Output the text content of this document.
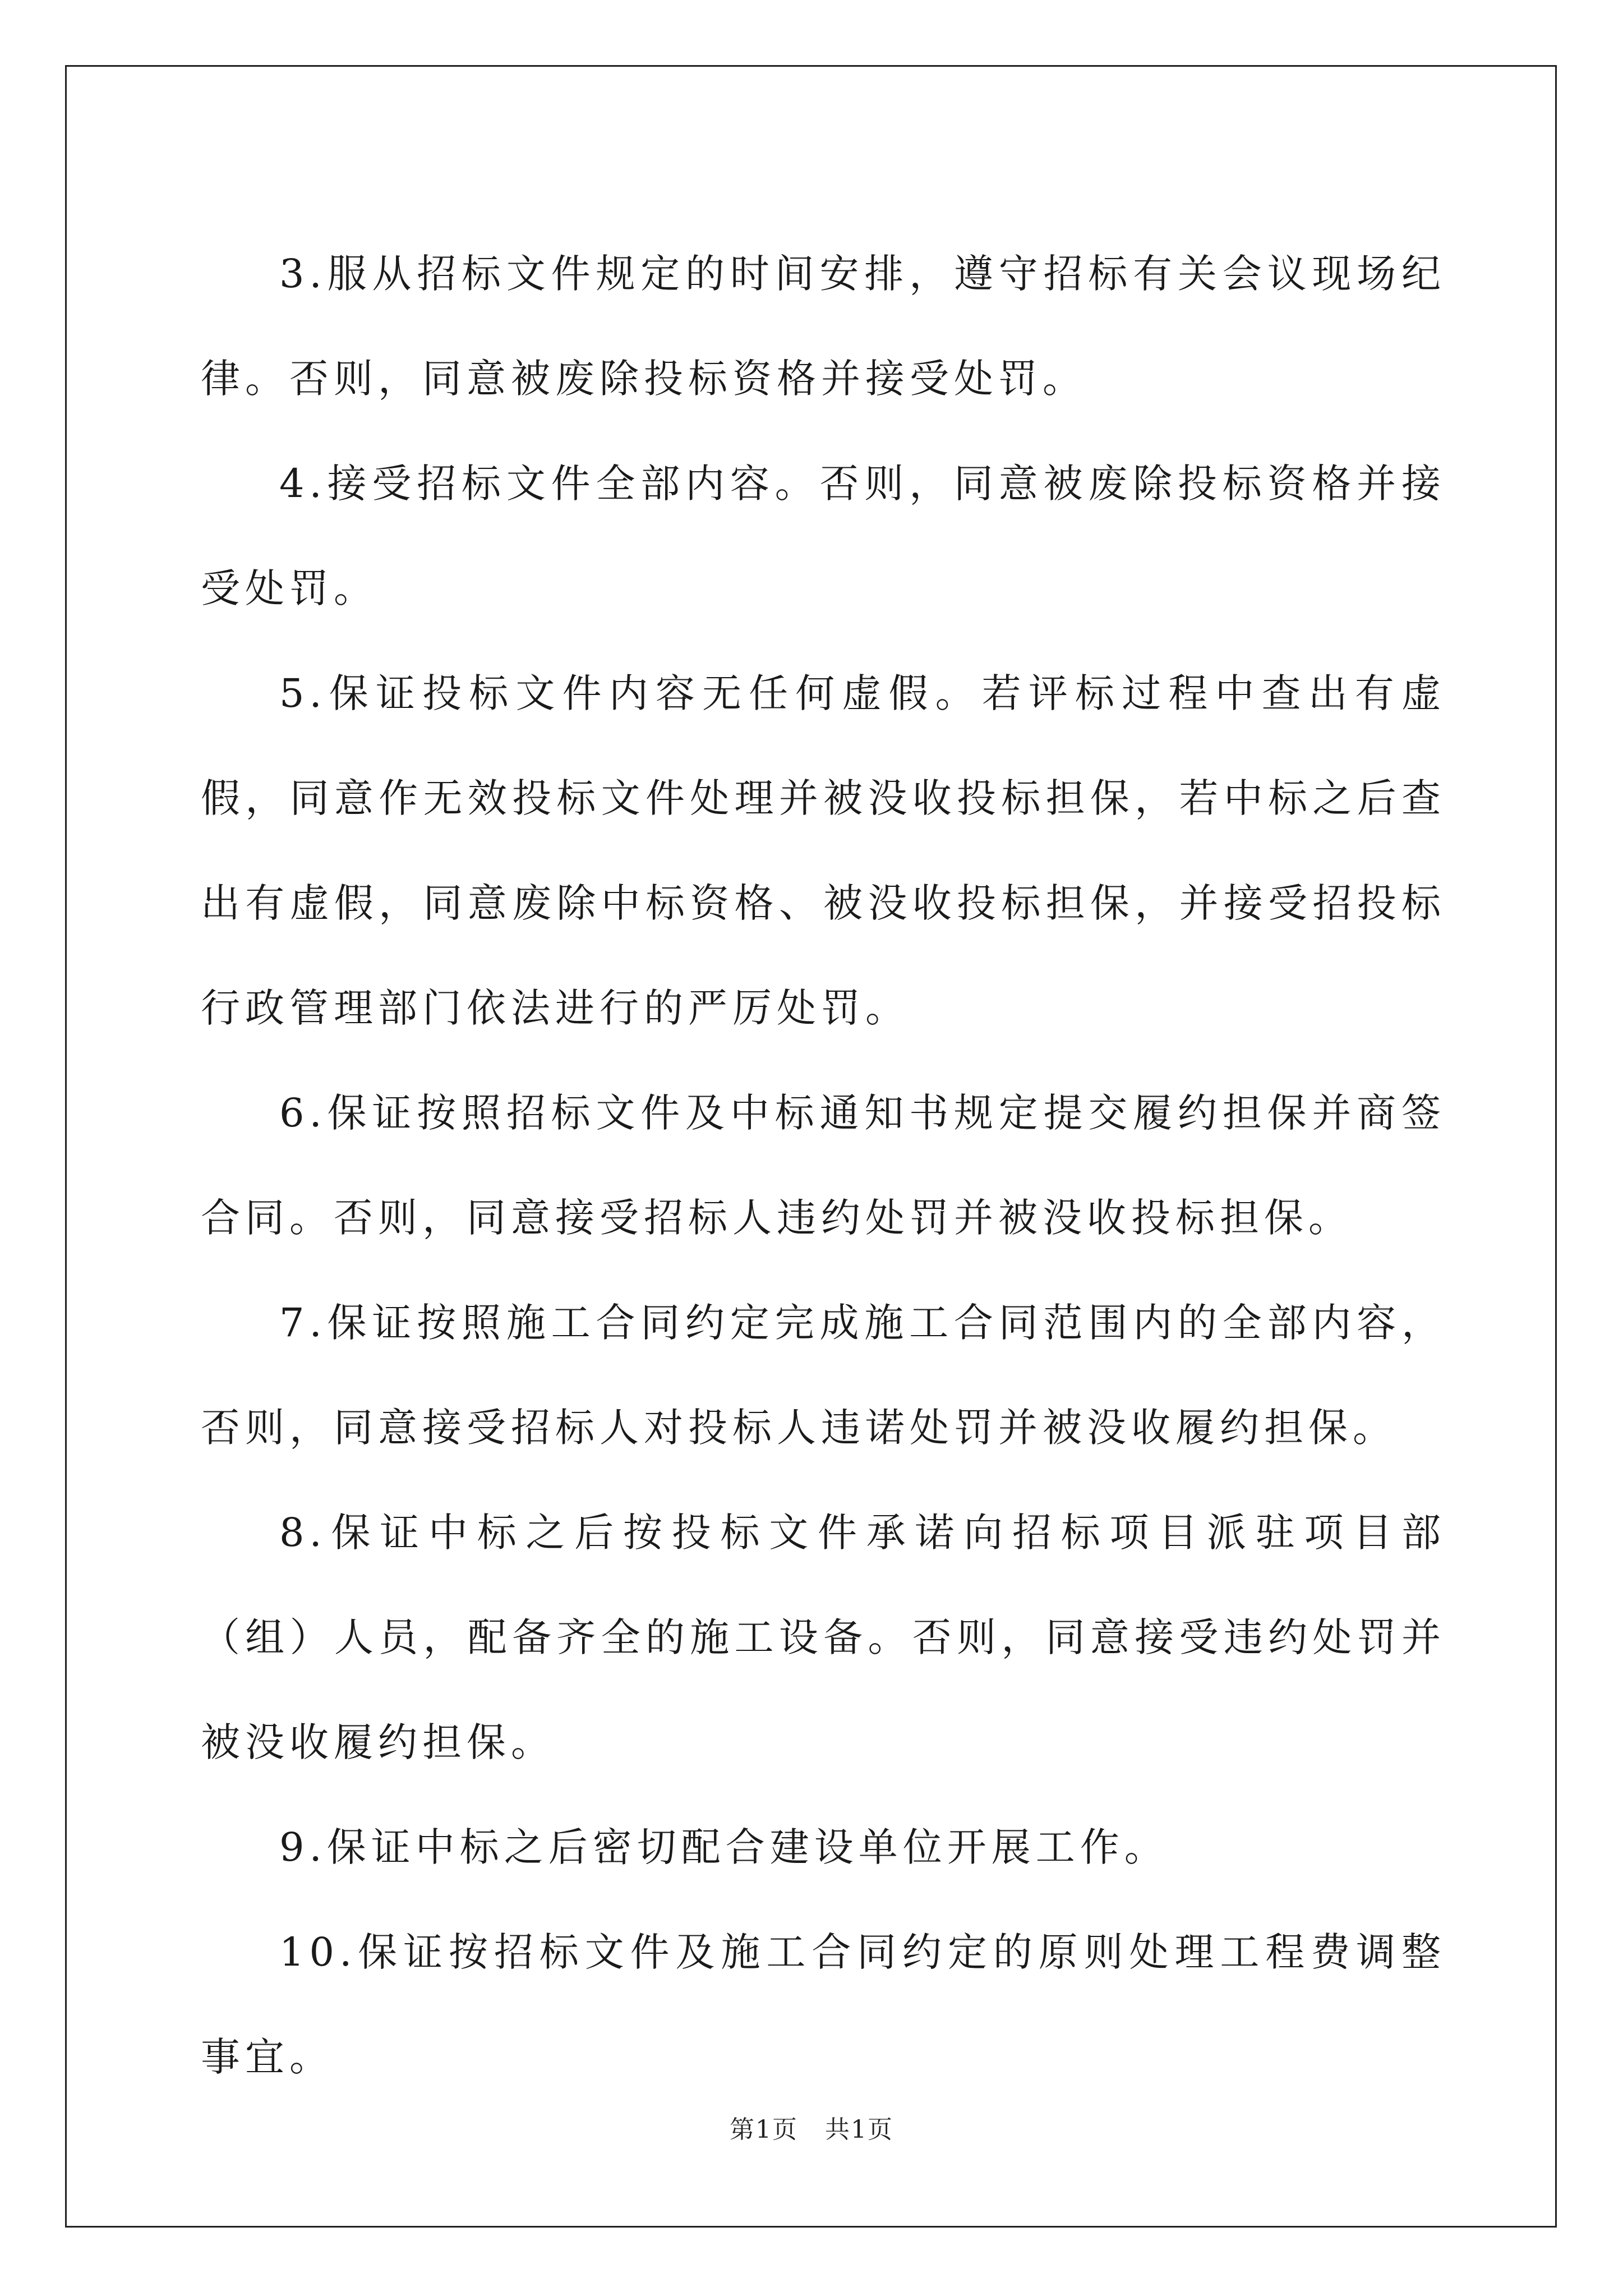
3.服从招标文件规定的时间安排，遵守招标有关会议现场纪律。否则，同意被废除投标资格并接受处罚。

4.接受招标文件全部内容。否则，同意被废除投标资格并接受处罚。

5.保证投标文件内容无任何虚假。若评标过程中查出有虚假，同意作无效投标文件处理并被没收投标担保，若中标之后查出有虚假，同意废除中标资格、被没收投标担保，并接受招投标行政管理部门依法进行的严厉处罚。

6.保证按照招标文件及中标通知书规定提交履约担保并商签合同。否则，同意接受招标人违约处罚并被没收投标担保。

7.保证按照施工合同约定完成施工合同范围内的全部内容，否则，同意接受招标人对投标人违诺处罚并被没收履约担保。

8.保证中标之后按投标文件承诺向招标项目派驻项目部（组）人员，配备齐全的施工设备。否则，同意接受违约处罚并被没收履约担保。

9.保证中标之后密切配合建设单位开展工作。

10.保证按招标文件及施工合同约定的原则处理工程费调整事宜。

第1页 共1页
